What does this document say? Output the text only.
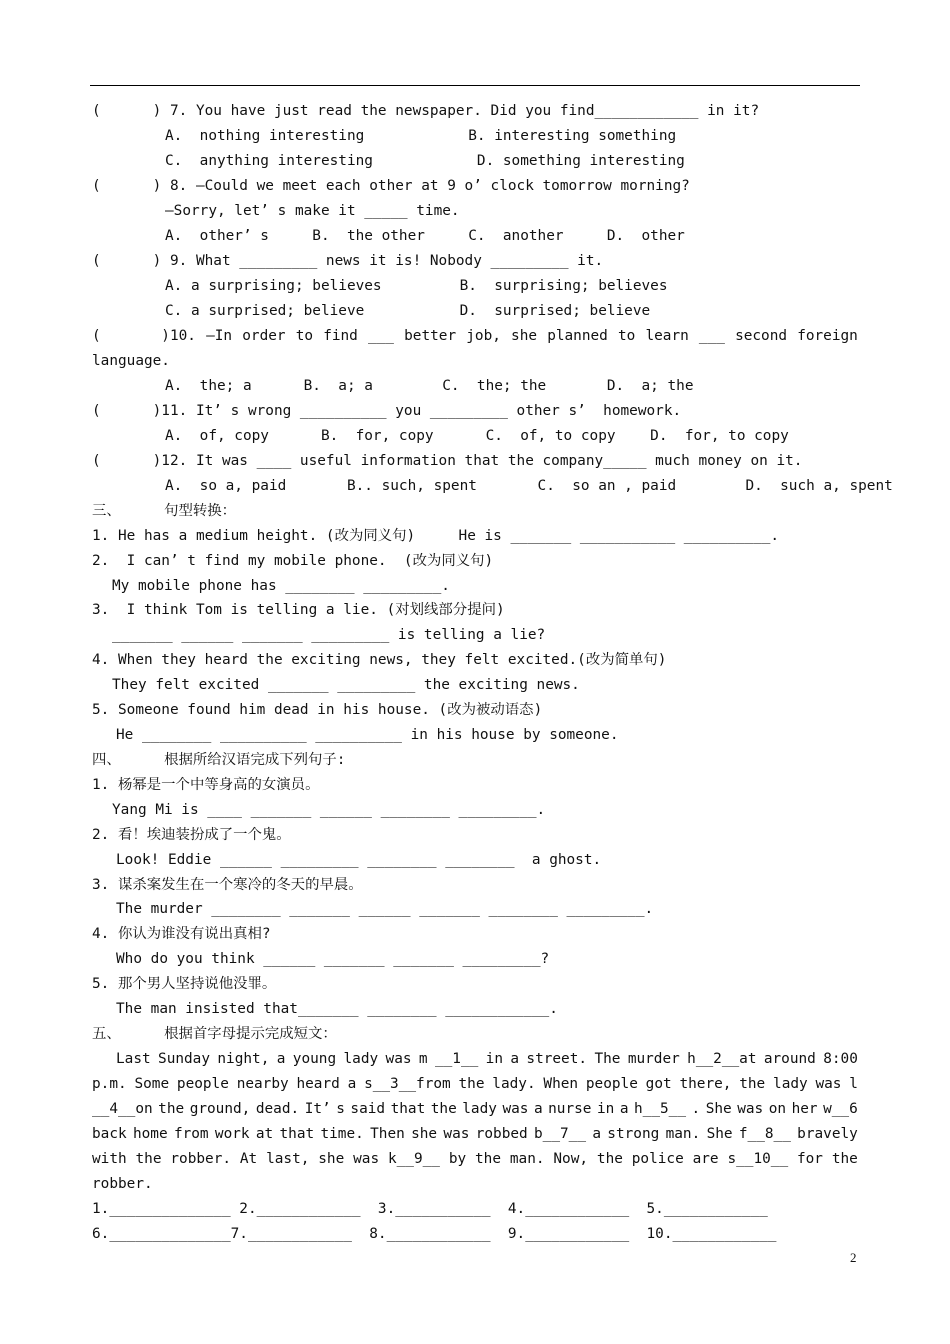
(      ) 7. You have just read the newspaper. Did you find____________ in it?
A.  nothing interesting            B. interesting something
C.  anything interesting            D. something interesting
(      ) 8. —Could we meet each other at 9 o’ clock tomorrow morning?
—Sorry, let’ s make it _____ time.
A.  other’ s     B.  the other     C.  another     D.  other
(      ) 9. What _________ news it is! Nobody _________ it.
A. a surprising; believes         B.  surprising; believes
C. a surprised; believe           D.  surprised; believe
(       )10. —In order to find ___ better job, she planned to learn ___ second foreign
language.
A.  the; a      B.  a; a        C.  the; the       D.  a; the
(      )11. It’ s wrong __________ you _________ other s’  homework.
A.  of, copy      B.  for, copy      C.  of, to copy    D.  for, to copy
(      )12. It was ____ useful information that the company_____ much money on it.
A.  so a, paid       B.. such, spent       C.  so an , paid        D.  such a, spent
三、     句型转换：
1. He has a medium height. (改为同义句)     He is _______ ___________ __________.
2.  I can’ t find my mobile phone.  (改为同义句)
My mobile phone has ________ _________.
3.  I think Tom is telling a lie. (对划线部分提问)
_______ ______ _______ _________ is telling a lie?
4. When they heard the exciting news, they felt excited.(改为简单句)
They felt excited _______ _________ the exciting news.
5. Someone found him dead in his house. (改为被动语态)
He ________ __________ __________ in his house by someone.
四、     根据所给汉语完成下列句子:
1. 杨幂是一个中等身高的女演员。
Yang Mi is ____ _______ ______ ________ _________.
2. 看！埃迪装扮成了一个鬼。
Look! Eddie ______ _________ ________ ________  a ghost.
3. 谋杀案发生在一个寒冷的冬天的早晨。
The murder ________ _______ ______ _______ ________ _________.
4. 你认为谁没有说出真相?
Who do you think ______ _______ _______ _________?
5. 那个男人坚持说他没罪。
The man insisted that_______ ________ ____________.
五、     根据首字母提示完成短文：
Last Sunday night, a young lady was m __1__ in a street. The murder h__2__at around 8:00
p.m. Some people nearby heard a s__3__from the lady. When people got there, the lady was l
__4__on the ground, dead. It’ s said that the lady was a nurse in a h__5__ . She was on her w__6
back home from work at that time. Then she was robbed b__7__ a strong man. She f__8__ bravely
with the robber. At last, she was k__9__ by the man. Now, the police are s__10__ for the
robber.
1.______________ 2.____________  3.___________  4.____________  5.____________
6.______________7.____________  8.____________  9.____________  10.____________
2
